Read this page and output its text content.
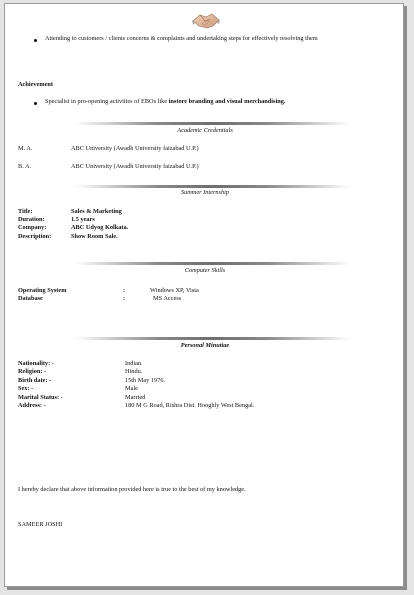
Attending to customers / clients concerns & complaints and undertaking steps for effectively resolving them
Achievement
Specialist in pro-opening activities of EBOs like instore branding and visual merchandising.
Academic Credentials
M. A.	ABC University (Awadh University faizabad U.P.)
B. A.	ABC University (Awadh University faizabad U.P.)
Summer Internship
Title:	Sales & Marketing
Duration:	1.5 years
Company:	ABC Udyog Kolkata.
Description:	Show Room Sale.
Computer Skills
Operating System	:	Windows XP, Vista
Database	:	MS Access
Personal Minutiae
Nationality: -	Indian.
Religion: -	Hindu.
Birth date: -	15th May 1976.
Sex: -	Male
Marital Status: -	Married
Address: -	180 M G Road, Rishra Dist. Hooghly West Bengal.
I hereby declare that above information provided here is true to the best of my knowledge.
SAMEER JOSHI
